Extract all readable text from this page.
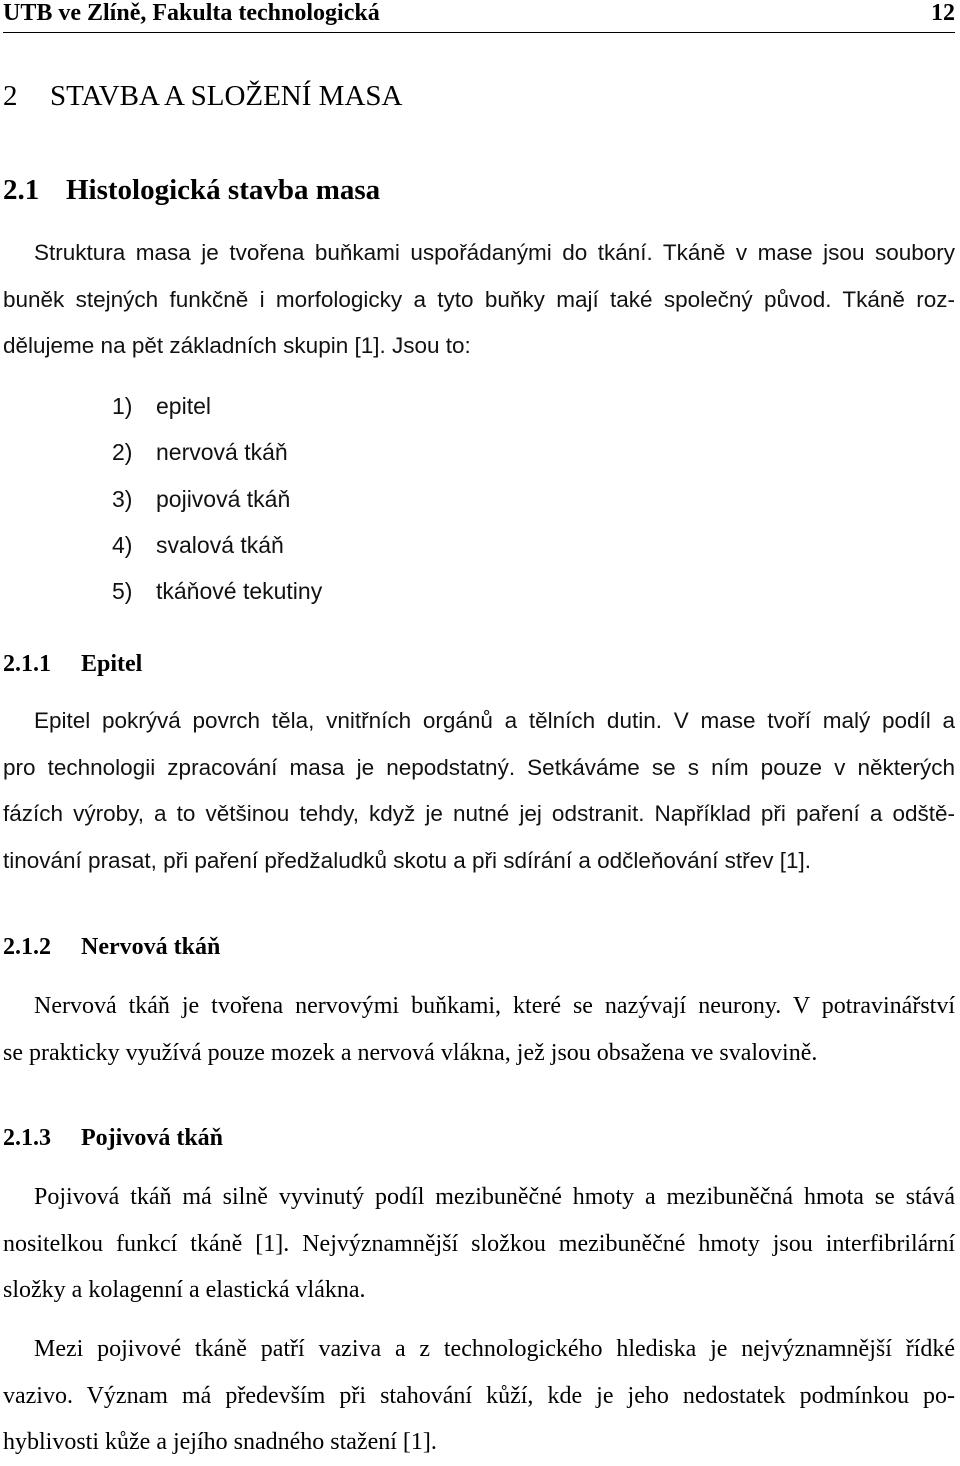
UTB ve Zlíně, Fakulta technologická	12
2 STAVBA A SLOŽENÍ MASA
2.1 Histologická stavba masa
Struktura masa je tvořena buňkami uspořádanými do tkání. Tkáně v mase jsou soubory
buněk stejných funkčně i morfologicky a tyto buňky mají také společný původ. Tkáně roz-
dělujeme na pět základních skupin [1]. Jsou to:
1) epitel
2) nervová tkáň
3) pojivová tkáň
4) svalová tkáň
5) tkáňové tekutiny
2.1.1 Epitel
Epitel pokrývá povrch těla, vnitřních orgánů a tělních dutin. V mase tvoří malý podíl a
pro technologii zpracování masa je nepodstatný. Setkáváme se s ním pouze v některých
fázích výroby, a to většinou tehdy, když je nutné jej odstranit. Například při paření a odště-
tinování prasat, při paření předžaludků skotu a při sdírání a odčleňování střev [1].
2.1.2 Nervová tkáň
Nervová tkáň je tvořena nervovými buňkami, které se nazývají neurony. V potravinářství
se prakticky využívá pouze mozek a nervová vlákna, jež jsou obsažena ve svalovině.
2.1.3 Pojivová tkáň
Pojivová tkáň má silně vyvinutý podíl mezibuněčné hmoty a mezibuněčná hmota se stává
nositelkou funkcí tkáně [1]. Nejvýznamnější složkou mezibuněčné hmoty jsou interfibrilární
složky a kolagenní a elastická vlákna.
Mezi pojivové tkáně patří vaziva a z technologického hlediska je nejvýznamnější řídké
vazivo. Význam má především při stahování kůží, kde je jeho nedostatek podmínkou po-
hyblivosti kůže a jejího snadného stažení [1].
